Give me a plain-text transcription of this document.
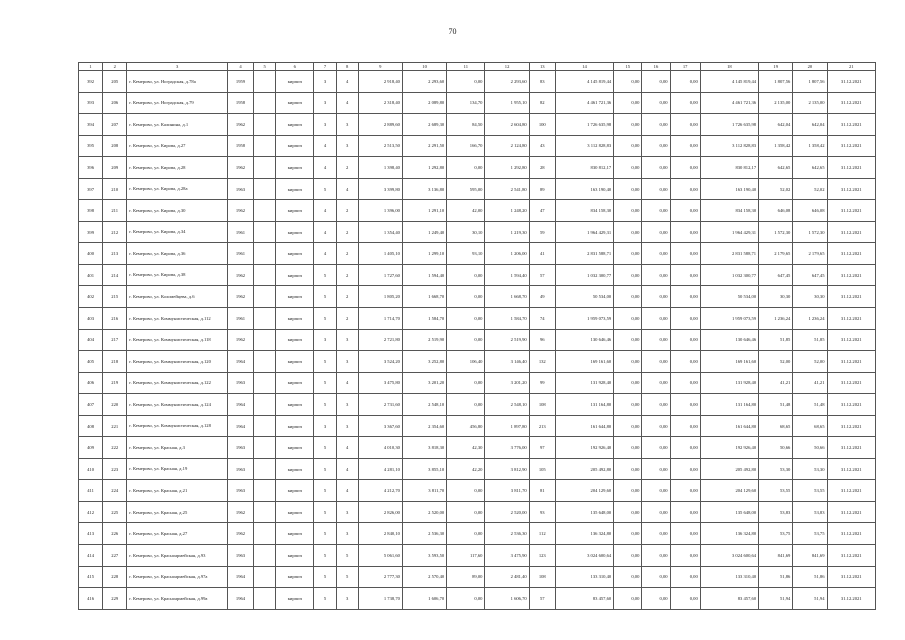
70
1	2	3	4	5	6	7	8	9	10	11	12	13	14	15	16	17	18	19	20	21
392	205	г. Кемерово, ул. Ноградская, д.78а	1959		кирпич	3	4	2 918,40	2 293,60	0,00	2 293,60	83	4 145 819,44	0,00	0,00	0,00	4 145 819,44	1 807,56	1 807,56	31.12.2021
393	206	г. Кемерово, ул. Ноградская, д.79	1958		кирпич	3	4	2 318,40	2 089,80	134,70	1 955,10	82	4 461 721,36	0,00	0,00	0,00	4 461 721,36	2 135,00	2 135,00	31.12.2021
394	207	г. Кемерово, ул. Калинина, д.1	1962		кирпич	3	3	2 889,60	2 689,30	84,50	2 604,80	100	1 726 635,98	0,00	0,00	0,00	1 726 635,98	642,04	642,04	31.12.2021
395	208	г. Кемерово, ул. Кирова, д.27	1958		кирпич	4	3	2 513,50	2 291,50	166,70	2 124,80	43	3 112 828,83	0,00	0,00	0,00	3 112 828,83	1 358,42	1 358,42	31.12.2021
396	209	г. Кемерово, ул. Кирова, д.28	1962		кирпич	4	2	1 398,40	1 292,80	0,00	1 292,80	28	830 812,17	0,00	0,00	0,00	830 812,17	642,65	642,65	31.12.2021
397	210	г. Кемерово, ул. Кирова, д.28а	1963		кирпич	5	4	3 399,80	3 136,80	595,00	2 541,80	89	163 190,40	0,00	0,00	0,00	163 190,40	52,02	52,02	31.12.2021
398	211	г. Кемерово, ул. Кирова, д.30	1962		кирпич	4	2	1 396,00	1 291,10	42,00	1 248,20	47	834 158,30	0,00	0,00	0,00	834 158,30	646,08	646,08	31.12.2021
399	212	г. Кемерово, ул. Кирова, д.34	1961		кирпич	4	2	1 354,40	1 249,40	30,10	1 219,30	59	1 964 429,31	0,00	0,00	0,00	1 964 429,31	1 572,30	1 572,30	31.12.2021
400	213	г. Кемерово, ул. Кирова, д.36	1961		кирпич	4	2	1 405,10	1 299,10	93,10	1 206,00	41	2 831 588,71	0,00	0,00	0,00	2 831 588,71	2 179,65	2 179,65	31.12.2021
401	214	г. Кемерово, ул. Кирова, д.38	1962		кирпич	5	2	1 727,60	1 594,40	0,00	1 594,40	57	1 032 300,77	0,00	0,00	0,00	1 032 300,77	647,45	647,45	31.12.2021
402	215	г. Кемерово, ул. Коломейцева, д.6	1962		кирпич	5	2	1 805,20	1 668,70	0,00	1 668,70	49	50 534,00	0,00	0,00	0,00	50 534,00	30,30	30,30	31.12.2021
403	216	г. Кемерово, ул. Коммунистическая, д.112	1961		кирпич	5	2	1 714,70	1 584,70	0,00	1 584,70	74	1 959 073,59	0,00	0,00	0,00	1 959 073,59	1 236,24	1 236,24	31.12.2021
404	217	г. Кемерово, ул. Коммунистическая, д.118	1962		кирпич	3	3	2 721,80	2 519,90	0,00	2 519,90	96	130 646,46	0,00	0,00	0,00	130 646,46	51,85	51,85	31.12.2021
405	218	г. Кемерово, ул. Коммунистическая, д.120	1964		кирпич	5	3	3 524,20	3 252,80	106,40	3 146,40	132	169 161,60	0,00	0,00	0,00	169 161,60	52,00	52,00	31.12.2021
406	219	г. Кемерово, ул. Коммунистическая, д.122	1963		кирпич	5	4	3 475,80	3 201,20	0,00	3 201,20	99	131 928,40	0,00	0,00	0,00	131 928,40	41,21	41,21	31.12.2021
407	220	г. Кемерово, ул. Коммунистическая, д.124	1964		кирпич	5	3	2 731,60	2 548,10	0,00	2 548,10	108	131 164,80	0,00	0,00	0,00	131 164,80	51,48	51,48	31.12.2021
408	221	г. Кемерово, ул. Коммунистическая, д.128	1964		кирпич	3	3	3 367,60	2 354,60	456,80	1 897,80	213	161 644,80	0,00	0,00	0,00	161 644,80	68,65	68,65	31.12.2021
409	222	г. Кемерово, ул. Красная, д.3	1963		кирпич	5	4	4 010,30	3 818,30	42,30	3 776,00	97	192 926,40	0,00	0,00	0,00	192 926,40	50,66	50,66	31.12.2021
410	223	г. Кемерово, ул. Красная, д.19	1963		кирпич	5	4	4 281,10	3 855,10	42,20	3 812,90	105	205 492,80	0,00	0,00	0,00	205 492,80	53,30	53,30	31.12.2021
411	224	г. Кемерово, ул. Красная, д.21	1963		кирпич	5	4	4 212,70	3 811,70	0,00	3 811,70	81	204 129,60	0,00	0,00	0,00	204 129,60	53,55	53,55	31.12.2021
412	225	г. Кемерово, ул. Красная, д.25	1962		кирпич	5	3	2 826,00	2 520,00	0,00	2 520,00	93	135 648,00	0,00	0,00	0,00	135 648,00	53,83	53,83	31.12.2021
413	226	г. Кемерово, ул. Красная, д.27	1962		кирпич	5	3	2 840,10	2 536,30	0,00	2 536,30	112	136 324,80	0,00	0,00	0,00	136 324,80	53,75	53,75	31.12.2021
414	227	г. Кемерово, ул. Красноармейская, д.93	1963		кирпич	5	5	5 061,60	3 593,50	117,60	3 475,90	123	3 024 600,64	0,00	0,00	0,00	3 024 600,64	841,69	841,69	31.12.2021
415	228	г. Кемерово, ул. Красноармейская, д.97а	1964		кирпич	5	5	2 777,30	2 570,40	89,00	2 481,40	108	133 310,40	0,00	0,00	0,00	133 310,40	51,86	51,86	31.12.2021
416	229	г. Кемерово, ул. Красноармейская, д.99а	1964		кирпич	5	3	1 738,70	1 606,70	0,00	1 606,70	57	83 457,60	0,00	0,00	0,00	83 457,60	51,94	51,94	31.12.2021
